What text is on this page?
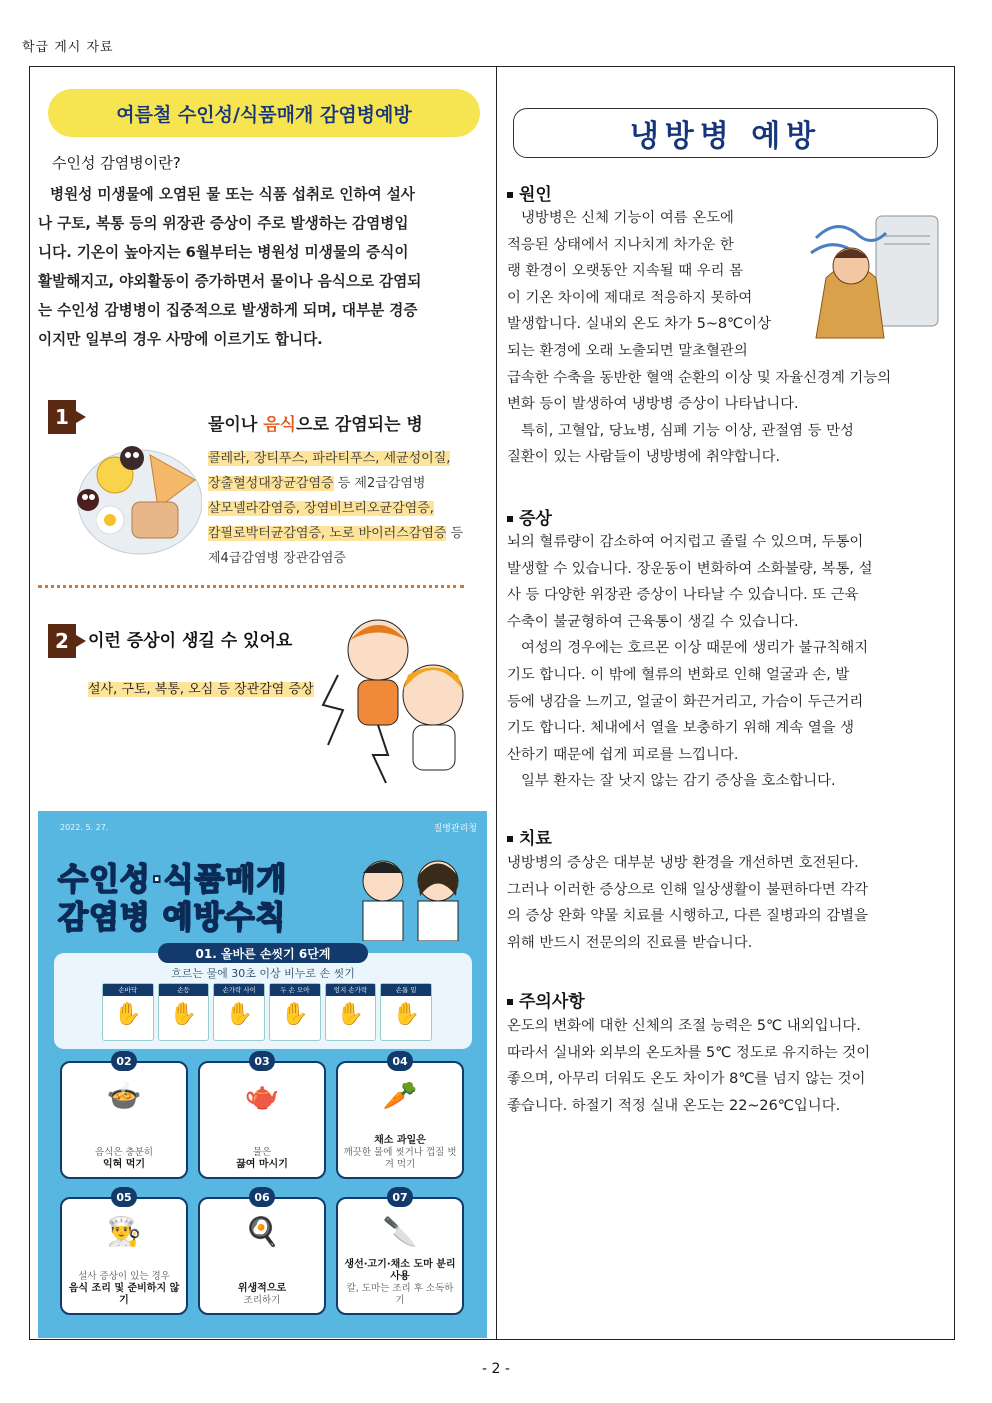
학급 게시 자료
여름철 수인성/식품매개 감염병예방
수인성 감염병이란?
병원성 미생물에 오염된 물 또는 식품 섭취로 인하여 설사
나 구토, 복통 등의 위장관 증상이 주로 발생하는 감염병입
니다. 기온이 높아지는 6월부터는 병원성 미생물의 증식이
활발해지고, 야외활동이 증가하면서 물이나 음식으로 감염되
는 수인성 감병병이 집중적으로 발생하게 되며, 대부분 경증
이지만 일부의 경우 사망에 이르기도 합니다.
1	물이나 음식으로 감염되는 병
콜레라, 장티푸스, 파라티푸스, 세균성이질,
장출혈성대장균감염증 등 제2급감염병
살모넬라감염증, 장염비브리오균감염증,
캄필로박터균감염증, 노로 바이러스감염증 등
제4급감염병 장관감염증
2	이런 증상이 생길 수 있어요
설사, 구토, 복통, 오심 등 장관감염 증상
2022. 5. 27.	질병관리청
수인성·식품매개
감염병 예방수칙
흐르는 물에 30초 이상 비누로 손 씻기
손바닥
✋
손등
✋
손가락 사이
✋
두 손 모아
✋
엄지 손가락
✋
손톱 밑
✋
01. 올바른 손씻기 6단계
02
🍲
음식은 충분히
익혀 먹기
03
🫖
물은
끓여 마시기
04
🥕
채소 과일은
깨끗한 물에 씻거나 껍질 벗겨 먹기
05
👨‍🍳
설사 증상이 있는 경우
음식 조리 및 준비하지 않기
06
🍳
위생적으로
조리하기
07
🔪
생선·고기·채소 도마 분리 사용
칼, 도마는 조리 후 소독하기
냉방병 예방
원인
냉방병은 신체 기능이 여름 온도에
적응된 상태에서 지나치게 차가운 한
랭 환경이 오랫동안 지속될 때 우리 몸
이 기온 차이에 제대로 적응하지 못하여
발생합니다. 실내외 온도 차가 5~8℃이상
되는 환경에 오래 노출되면 말초혈관의
급속한 수축을 동반한 혈액 순환의 이상 및 자율신경계 기능의
변화 등이 발생하여 냉방병 증상이 나타납니다.
특히, 고혈압, 당뇨병, 심폐 기능 이상, 관절염 등 만성
질환이 있는 사람들이 냉방병에 취약합니다.
증상
뇌의 혈류량이 감소하여 어지럽고 졸릴 수 있으며, 두통이
발생할 수 있습니다. 장운동이 변화하여 소화불량, 복통, 설
사 등 다양한 위장관 증상이 나타날 수 있습니다. 또 근육
수축이 불균형하여 근육통이 생길 수 있습니다.
여성의 경우에는 호르몬 이상 때문에 생리가 불규칙해지
기도 합니다. 이 밖에 혈류의 변화로 인해 얼굴과 손, 발
등에 냉감을 느끼고, 얼굴이 화끈거리고, 가슴이 두근거리
기도 합니다. 체내에서 열을 보충하기 위해 계속 열을 생
산하기 때문에 쉽게 피로를 느낍니다.
일부 환자는 잘 낫지 않는 감기 증상을 호소합니다.
치료
냉방병의 증상은 대부분 냉방 환경을 개선하면 호전된다.
그러나 이러한 증상으로 인해 일상생활이 불편하다면 각각
의 증상 완화 약물 치료를 시행하고, 다른 질병과의 감별을
위해 반드시 전문의의 진료를 받습니다.
주의사항
온도의 변화에 대한 신체의 조절 능력은 5℃ 내외입니다.
따라서 실내와 외부의 온도차를 5℃ 정도로 유지하는 것이
좋으며, 아무리 더워도 온도 차이가 8℃를 넘지 않는 것이
좋습니다. 하절기 적정 실내 온도는 22~26℃입니다.
- 2 -
